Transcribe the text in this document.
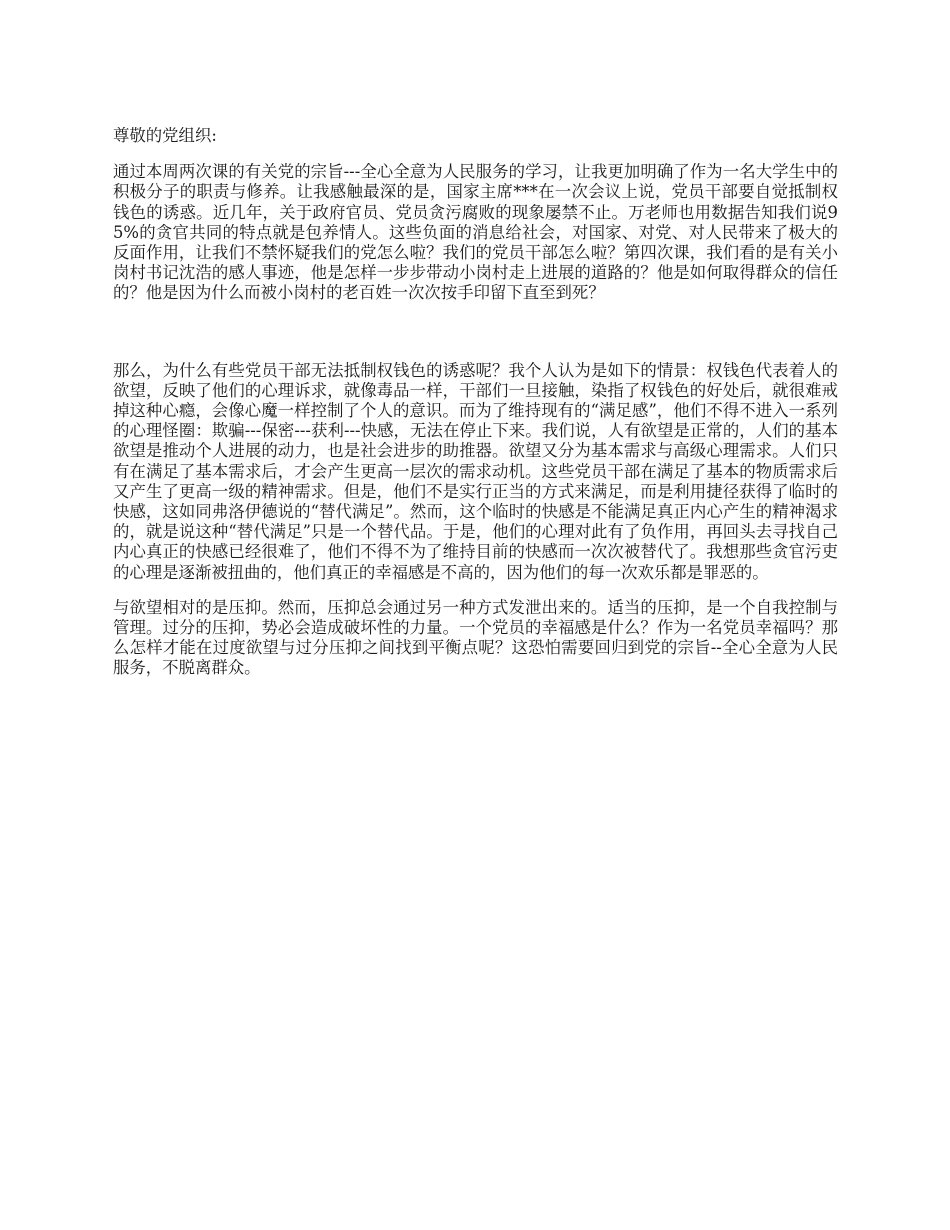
尊敬的党组织:

通过本周两次课的有关党的宗旨---全心全意为人民服务的学习，让我更加明确了作为一名大学生中的积极分子的职责与修养。让我感触最深的是，国家主席***在一次会议上说，党员干部要自觉抵制权钱色的诱惑。近几年，关于政府官员、党员贪污腐败的现象屡禁不止。万老师也用数据告知我们说95%的贪官共同的特点就是包养情人。这些负面的消息给社会，对国家、对党、对人民带来了极大的反面作用，让我们不禁怀疑我们的党怎么啦？我们的党员干部怎么啦？第四次课，我们看的是有关小岗村书记沈浩的感人事迹，他是怎样一步步带动小岗村走上进展的道路的？他是如何取得群众的信任的？他是因为什么而被小岗村的老百姓一次次按手印留下直至到死？

那么，为什么有些党员干部无法抵制权钱色的诱惑呢？我个人认为是如下的情景：权钱色代表着人的欲望，反映了他们的心理诉求，就像毒品一样，干部们一旦接触，染指了权钱色的好处后，就很难戒掉这种心瘾，会像心魔一样控制了个人的意识。而为了维持现有的“满足感”，他们不得不进入一系列的心理怪圈：欺骗---保密---获利---快感，无法在停止下来。我们说，人有欲望是正常的，人们的基本欲望是推动个人进展的动力，也是社会进步的助推器。欲望又分为基本需求与高级心理需求。人们只有在满足了基本需求后，才会产生更高一层次的需求动机。这些党员干部在满足了基本的物质需求后又产生了更高一级的精神需求。但是，他们不是实行正当的方式来满足，而是利用捷径获得了临时的快感，这如同弗洛伊德说的“替代满足”。然而，这个临时的快感是不能满足真正内心产生的精神渴求的，就是说这种“替代满足”只是一个替代品。于是，他们的心理对此有了负作用，再回头去寻找自己内心真正的快感已经很难了，他们不得不为了维持目前的快感而一次次被替代了。我想那些贪官污吏的心理是逐渐被扭曲的，他们真正的幸福感是不高的，因为他们的每一次欢乐都是罪恶的。

与欲望相对的是压抑。然而，压抑总会通过另一种方式发泄出来的。适当的压抑，是一个自我控制与管理。过分的压抑，势必会造成破坏性的力量。一个党员的幸福感是什么？作为一名党员幸福吗？那么怎样才能在过度欲望与过分压抑之间找到平衡点呢？这恐怕需要回归到党的宗旨--全心全意为人民服务，不脱离群众。
